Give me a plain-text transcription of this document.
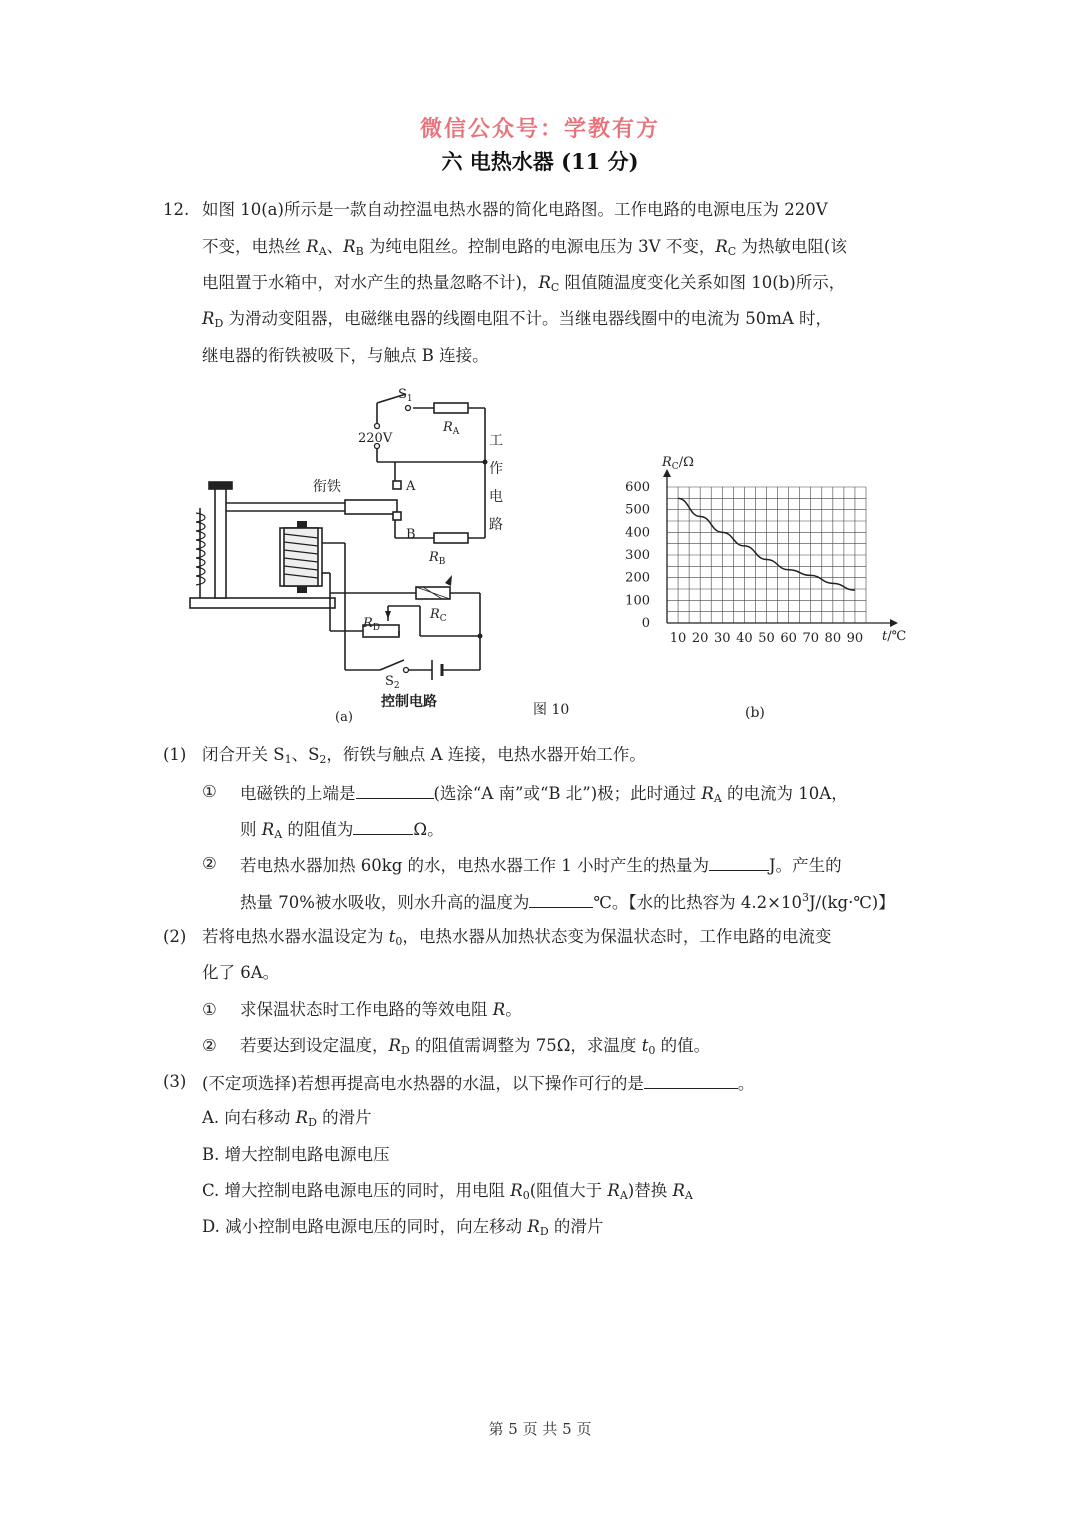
微信公众号：学教有方
六 电热水器 (11 分)
12. 如图 10(a)所示是一款自动控温电热水器的简化电路图。工作电路的电源电压为 220V
不变，电热丝 $R_A$、$R_B$ 为纯电阻丝。控制电路的电源电压为 3V 不变，$R_C$ 为热敏电阻(该
电阻置于水箱中，对水产生的热量忽略不计)，$R_C$ 阻值随温度变化关系如图 10(b)所示，
$R_D$ 为滑动变阻器，电磁继电器的线圈电阻不计。当继电器线圈中的电流为 50mA 时，
继电器的衔铁被吸下，与触点 B 连接。
$S_1$
220V
$R_A$
$R_B$
$R_C$
$R_D$
A
B
衔铁
工
作
电
路
$S_2$
控制电路
(a)	图 10	(b)
10 20 30 40 50 60 70 80 90
0
100
200
300
400
500
600
$R_C/\Omega$
t/℃
(1) 闭合开关 $S_1$、$S_2$，衔铁与触点 A 连接，电热水器开始工作。
① 电磁铁的上端是	(选涂“A 南”或“B 北”)极；此时通过 $R_A$ 的电流为 10A，
则 $R_A$ 的阻值为	Ω。
② 若电热水器加热 60kg 的水，电热水器工作 1 小时产生的热量为	J。产生的
热量 70%被水吸收，则水升高的温度为	℃。【水的比热容为 $4.2\times 10^3J/(kg\cdot℃)$】
(2) 若将电热水器水温设定为 $t_0$，电热水器从加热状态变为保温状态时，工作电路的电流变
化了 6A。
① 求保温状态时工作电路的等效电阻 R。
② 若要达到设定温度，$R_D$ 的阻值需调整为 75Ω，求温度 $t_0$ 的值。
(3) (不定项选择)若想再提高电水热器的水温，以下操作可行的是	。
A. 向右移动 $R_D$ 的滑片
B. 增大控制电路电源电压
C. 增大控制电路电源电压的同时，用电阻 $R_0$(阻值大于 $R_A$)替换 $R_A$
D. 减小控制电路电源电压的同时，向左移动 $R_D$ 的滑片
第 5 页 共 5 页
